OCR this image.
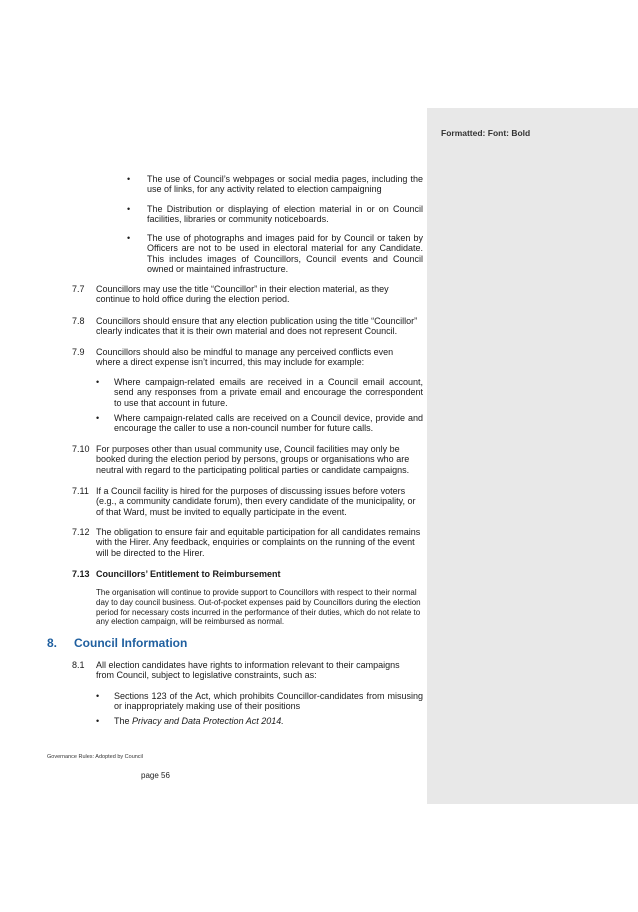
Formatted: Font: Bold
• The use of Council’s webpages or social media pages, including the use of links, for any activity related to election campaigning
• The Distribution or displaying of election material in or on Council facilities, libraries or community noticeboards.
• The use of photographs and images paid for by Council or taken by Officers are not to be used in electoral material for any Candidate. This includes images of Councillors, Council events and Council owned or maintained infrastructure.
7.7 Councillors may use the title “Councillor” in their election material, as they continue to hold office during the election period.
7.8 Councillors should ensure that any election publication using the title “Councillor” clearly indicates that it is their own material and does not represent Council.
7.9 Councillors should also be mindful to manage any perceived conflicts even where a direct expense isn’t incurred, this may include for example:
• Where campaign-related emails are received in a Council email account, send any responses from a private email and encourage the correspondent to use that account in future.
• Where campaign-related calls are received on a Council device, provide and encourage the caller to use a non-council number for future calls.
7.10 For purposes other than usual community use, Council facilities may only be booked during the election period by persons, groups or organisations who are neutral with regard to the participating political parties or candidate campaigns.
7.11 If a Council facility is hired for the purposes of discussing issues before voters (e.g., a community candidate forum), then every candidate of the municipality, or of that Ward, must be invited to equally participate in the event.
7.12 The obligation to ensure fair and equitable participation for all candidates remains with the Hirer. Any feedback, enquiries or complaints on the running of the event will be directed to the Hirer.
7.13 Councillors’ Entitlement to Reimbursement
The organisation will continue to provide support to Councillors with respect to their normal day to day council business. Out-of-pocket expenses paid by Councillors during the election period for necessary costs incurred in the performance of their duties, which do not relate to any election campaign, will be reimbursed as normal.
8. Council Information
8.1 All election candidates have rights to information relevant to their campaigns from Council, subject to legislative constraints, such as:
• Sections 123 of the Act, which prohibits Councillor-candidates from misusing or inappropriately making use of their positions
• The Privacy and Data Protection Act 2014.
Governance Rules: Adopted by Council
page 56
